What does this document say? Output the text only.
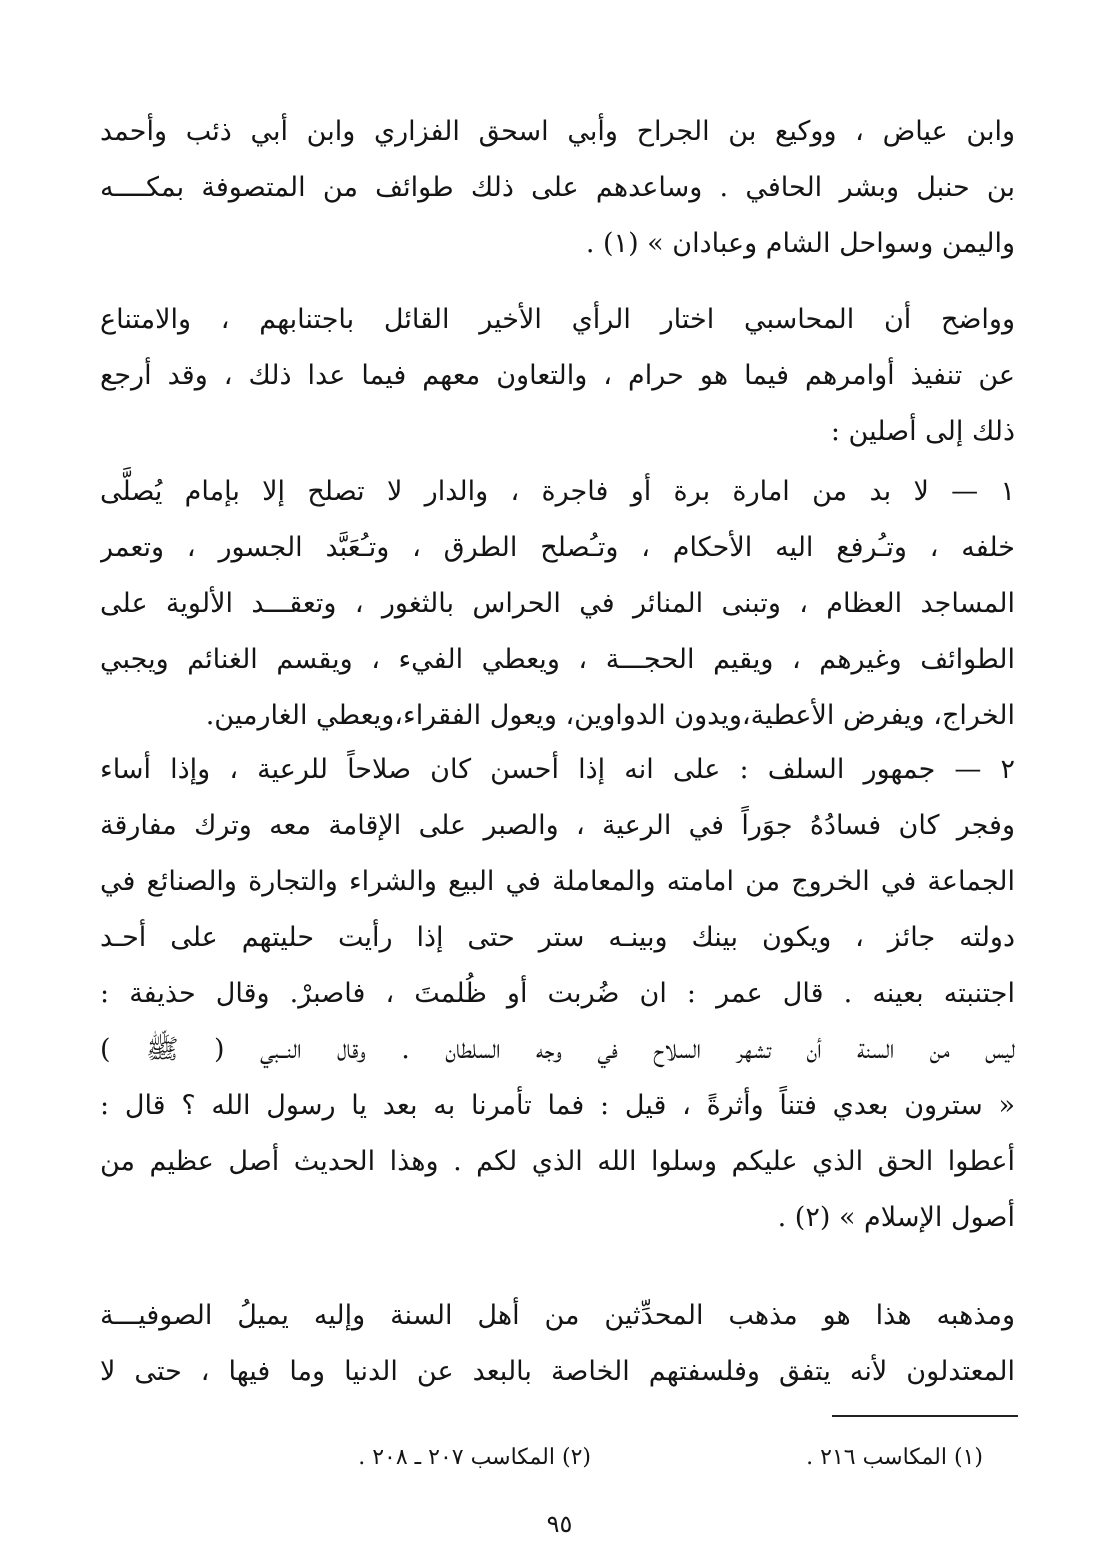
وابن عياض ، ووكيع بن الجراح وأبي اسحق الفزاري وابن أبي ذئب وأحمد
بن حنبل وبشر الحافي . وساعدهم على ذلك طوائف من المتصوفة بمكــــه
واليمن وسواحل الشام وعبادان » (١) .
وواضح أن المحاسبي اختار الرأي الأخير القائل باجتنابهم ، والامتناع
عن تنفيذ أوامرهم فيما هو حرام ، والتعاون معهم فيما عدا ذلك ، وقد أرجع
ذلك إلى أصلين :
١ — لا بد من امارة برة أو فاجرة ، والدار لا تصلح إلا بإمام يُصلَّى
خلفه ، وتـُرفع اليه الأحكام ، وتـُصلح الطرق ، وتـُعَبَّد الجسور ، وتعمر
المساجد العظام ، وتبنى المنائر في الحراس بالثغور ، وتعقـــد الألوية على
الطوائف وغيرهم ، ويقيم الحجـــة ، ويعطي الفيء ، ويقسم الغنائم ويجبي
الخراج، ويفرض الأعطية،ويدون الدواوين، ويعول الفقراء،ويعطي الغارمين.
٢ — جمهور السلف : على انه إذا أحسن كان صلاحاً للرعية ، وإذا أساء
وفجر كان فسادُهُ جوَراً في الرعية ، والصبر على الإقامة معه وترك مفارقة
الجماعة في الخروج من امامته والمعاملة في البيع والشراء والتجارة والصنائع في
دولته جائز ، ويكون بينك وبينـه ستر حتى إذا رأيت حليتهم على أحـد
اجتنبته بعينه . قال عمر : ان ضُربت أو ظُلمتَ ، فاصبرْ. وقال حذيفة :
ليس من السنة أن تشهر السلاح في وجه السلطان . وقال النــبي ( ﷺ )
« سترون بعدي فتناً وأثرةً ، قيل : فما تأمرنا به بعد يا رسول الله ؟ قال :
أعطوا الحق الذي عليكم وسلوا الله الذي لكم . وهذا الحديث أصل عظيم من
أصول الإسلام » (٢) .
ومذهبه هذا هو مذهب المحدِّثين من أهل السنة وإليه يميلُ الصوفيـــة
المعتدلون لأنه يتفق وفلسفتهم الخاصة بالبعد عن الدنيا وما فيها ، حتى لا
(١) المكاسب ٢١٦ .
(٢) المكاسب ٢٠٧ ـ ٢٠٨ .
٩٥
